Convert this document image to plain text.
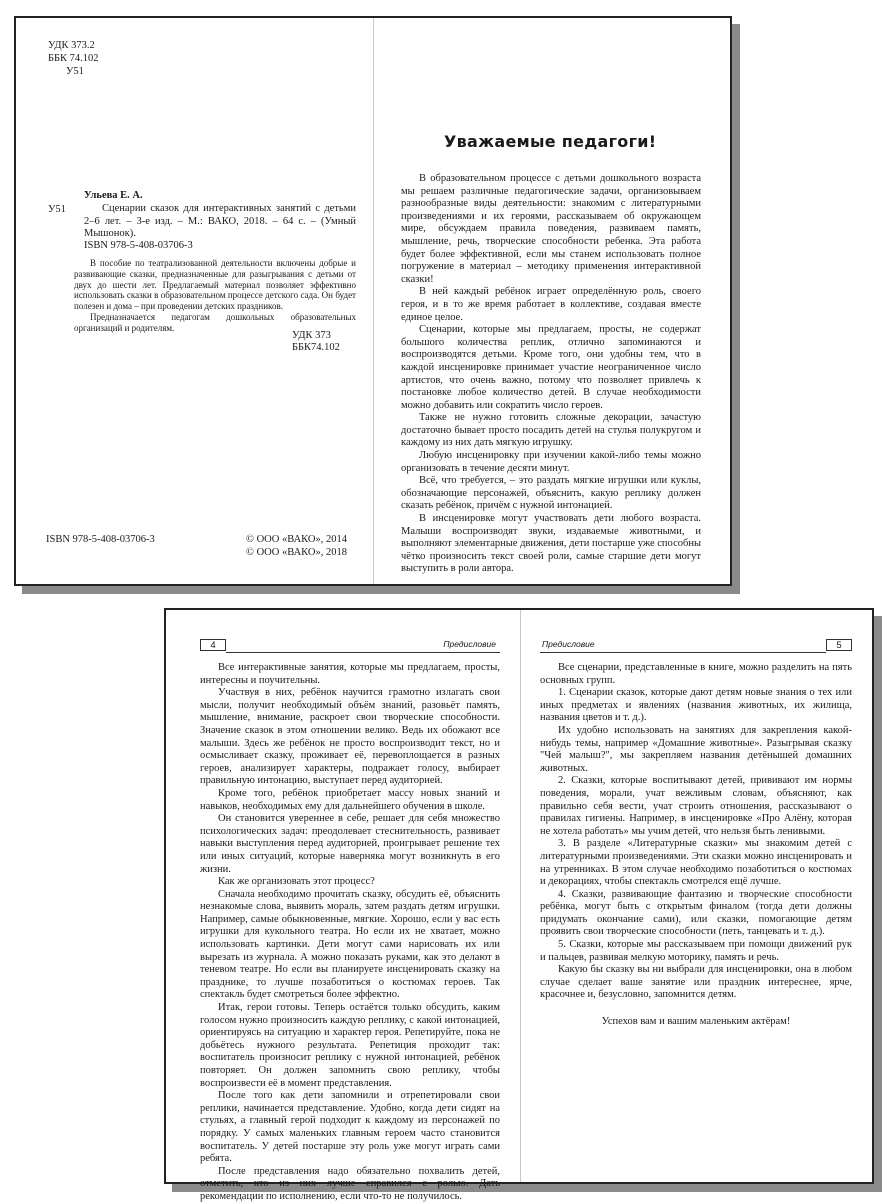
УДК 373.2
ББК 74.102
У51
У51
Ульева Е. А.

Сценарии сказок для интерактивных занятий с детьми 2–6 лет. – 3-е изд. – М.: ВАКО, 2018. – 64 с. – (Умный Мышонок).

ISBN 978-5-408-03706-3

В пособие по театрализованной деятельности включены добрые и развивающие сказки, предназначенные для разыгрывания с детьми от двух до шести лет. Предлагаемый материал позволяет эффективно использовать сказки в образовательном процессе детского сада. Он будет полезен и дома – при проведении детских праздников.

Предназначается педагогам дошкольных образовательных организаций и родителям.

УДК 373
ББК74.102
ISBN 978-5-408-03706-3	© ООО «ВАКО», 2014
© ООО «ВАКО», 2018
Уважаемые педагоги!

В образовательном процессе с детьми дошкольного возраста мы решаем различные педагогические задачи, организовываем разнообразные виды деятельности: знакомим с литературными произведениями и их героями, рассказываем об окружающем мире, обсуждаем правила поведения, развиваем память, мышление, речь, творческие способности ребенка. Эта работа будет более эффективной, если мы станем использовать полное погружение в материал – методику применения интерактивной сказки!

В ней каждый ребёнок играет определённую роль, своего героя, и в то же время работает в коллективе, создавая вместе единое целое.

Сценарии, которые мы предлагаем, просты, не содержат большого количества реплик, отлично запоминаются и воспроизводятся детьми. Кроме того, они удобны тем, что в каждой инсценировке принимает участие неограниченное число артистов, что очень важно, потому что позволяет привлечь к постановке любое количество детей. В случае необходимости можно добавить или сократить число героев.

Также не нужно готовить сложные декорации, зачастую достаточно бывает просто посадить детей на стулья полукругом и каждому из них дать мягкую игрушку.

Любую инсценировку при изучении какой-либо темы можно организовать в течение десяти минут.

Всё, что требуется, – это раздать мягкие игрушки или куклы, обозначающие персонажей, объяснить, какую реплику должен сказать ребёнок, причём с нужной интонацией.

В инсценировке могут участвовать дети любого возраста. Малыши воспроизводят звуки, издаваемые животными, и выполняют элементарные движения, дети постарше уже способны чётко произносить текст своей роли, самые старшие дети могут выступить в роли автора.

4	Предисловие	Предисловие	5

Все интерактивные занятия, которые мы предлагаем, просты, интересны и поучительны.

Участвуя в них, ребёнок научится грамотно излагать свои мысли, получит необходимый объём знаний, разовьёт память, мышление, внимание, раскроет свои творческие способности. Значение сказок в этом отношении велико. Ведь их обожают все малыши. Здесь же ребёнок не просто воспроизводит текст, но и осмысливает сказку, проживает её, перевоплощается в разных героев, анализирует характеры, подражает голосу, выбирает правильную интонацию, выступает перед аудиторией.

Кроме того, ребёнок приобретает массу новых знаний и навыков, необходимых ему для дальнейшего обучения в школе.

Он становится увереннее в себе, решает для себя множество психологических задач: преодолевает стеснительность, развивает навыки выступления перед аудиторией, проигрывает решение тех или иных ситуаций, которые наверняка могут возникнуть в его жизни.

Как же организовать этот процесс?

Сначала необходимо прочитать сказку, обсудить её, объяснить незнакомые слова, выявить мораль, затем раздать детям игрушки. Например, самые обыкновенные, мягкие. Хорошо, если у вас есть игрушки для кукольного театра. Но если их не хватает, можно использовать картинки. Дети могут сами нарисовать их или вырезать из журнала. А можно показать руками, как это делают в теневом театре. Но если вы планируете инсценировать сказку на празднике, то лучше позаботиться о костюмах героев. Так спектакль будет смотреться более эффектно.

Итак, герои готовы. Теперь остаётся только обсудить, каким голосом нужно произносить каждую реплику, с какой интонацией, ориентируясь на ситуацию и характер героя. Репетируйте, пока не добьётесь нужного результата. Репетиция проходит так: воспитатель произносит реплику с нужной интонацией, ребёнок повторяет. Он должен запомнить свою реплику, чтобы воспроизвести её в момент представления.

После того как дети запомнили и отрепетировали свои реплики, начинается представление. Удобно, когда дети сидят на стульях, а главный герой подходит к каждому из персонажей по порядку. У самых маленьких главным героем часто становится воспитатель. У детей постарше эту роль уже могут играть сами ребята.

После представления надо обязательно похвалить детей, отметить, кто из них лучше справился с ролью. Дать рекомендации по исполнению, если что-то не получилось.

Все сценарии, представленные в книге, можно разделить на пять основных групп.

1. Сценарии сказок, которые дают детям новые знания о тех или иных предметах и явлениях (названия животных, их жилища, названия цветов и т. д.).

Их удобно использовать на занятиях для закрепления какой-нибудь темы, например «Домашние животные». Разыгрывая сказку "Чей малыш?", мы закрепляем названия детёнышей домашних животных.

2. Сказки, которые воспитывают детей, прививают им нормы поведения, морали, учат вежливым словам, объясняют, как правильно себя вести, учат строить отношения, рассказывают о правилах гигиены. Например, в инсценировке «Про Алёну, которая не хотела работать» мы учим детей, что нельзя быть ленивыми.

3. В разделе «Литературные сказки» мы знакомим детей с литературными произведениями. Эти сказки можно инсценировать и на утренниках. В этом случае необходимо позаботиться о костюмах и декорациях, чтобы спектакль смотрелся ещё лучше.

4. Сказки, развивающие фантазию и творческие способности ребёнка, могут быть с открытым финалом (тогда дети должны придумать окончание сами), или сказки, помогающие детям проявить свои творческие способности (петь, танцевать и т. д.).

5. Сказки, которые мы рассказываем при помощи движений рук и пальцев, развивая мелкую моторику, память и речь.

Какую бы сказку вы ни выбрали для инсценировки, она в любом случае сделает ваше занятие или праздник интереснее, ярче, красочнее и, безусловно, запомнится детям.

Успехов вам и вашим маленьким актёрам!
